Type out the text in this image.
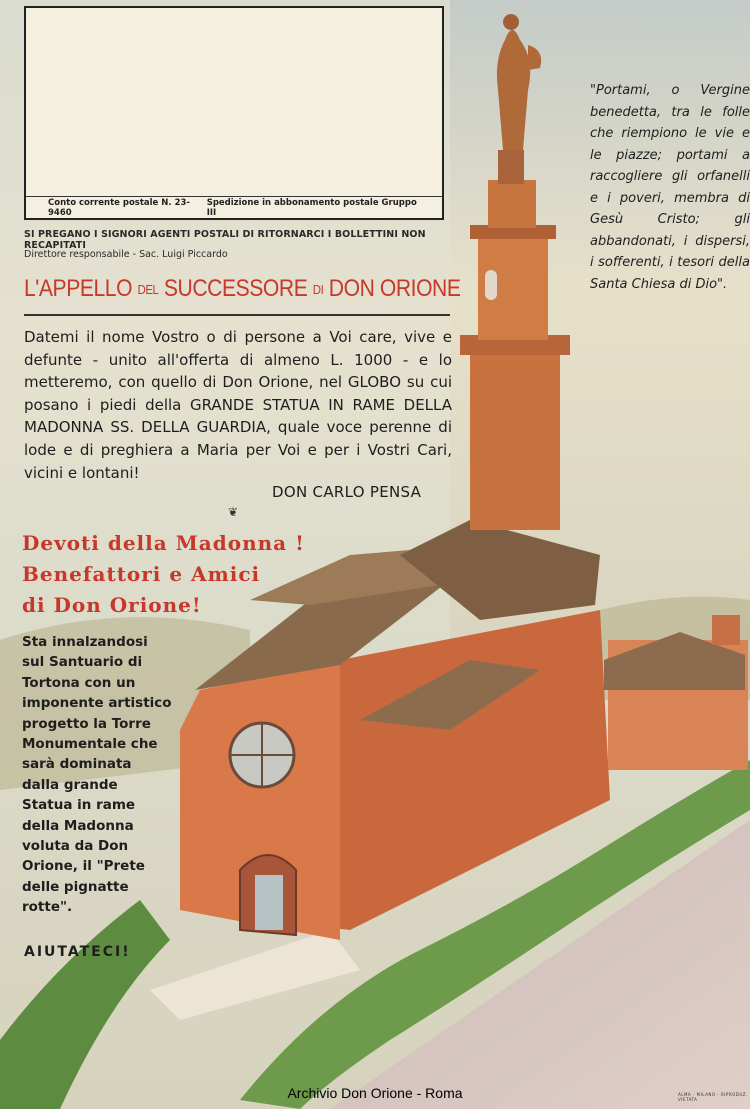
Conto corrente postale N. 23-9460
Spedizione in abbonamento postale Gruppo III
SI PREGANO I SIGNORI AGENTI POSTALI DI RITORNARCI I BOLLETTINI NON RECAPITATI
Direttore responsabile - Sac. Luigi Piccardo
L'APPELLO DEL SUCCESSORE DI DON ORIONE
Datemi il nome Vostro o di persone a Voi care, vive e defunte - unito all'offerta di almeno L. 1000 - e lo metteremo, con quello di Don Orione, nel GLOBO su cui posano i piedi della GRANDE STATUA IN RAME DELLA MADONNA SS. DELLA GUARDIA, quale voce perenne di lode e di preghiera a Maria per Voi e per i Vostri Cari, vicini e lontani!
DON CARLO PENSA
❦
Devoti della Madonna !
Benefattori e Amici
di Don Orione!
Sta innalzandosi sul Santuario di Tortona con un imponente artistico progetto la Torre Monumentale che sarà dominata dalla grande Statua in rame della Madonna voluta da Don Orione, il "Prete delle pignatte rotte".
AIUTATECI!
"Portami, o Vergine benedetta, tra le folle che riempiono le vie e le piazze; portami a raccogliere gli orfanelli e i poveri, membra di Gesù Cristo; gli abbandonati, i dispersi, i sofferenti, i tesori della Santa Chiesa di Dio".
Archivio Don Orione - Roma	ALMA - MILANO - RIPRODUZ. VIETATA
